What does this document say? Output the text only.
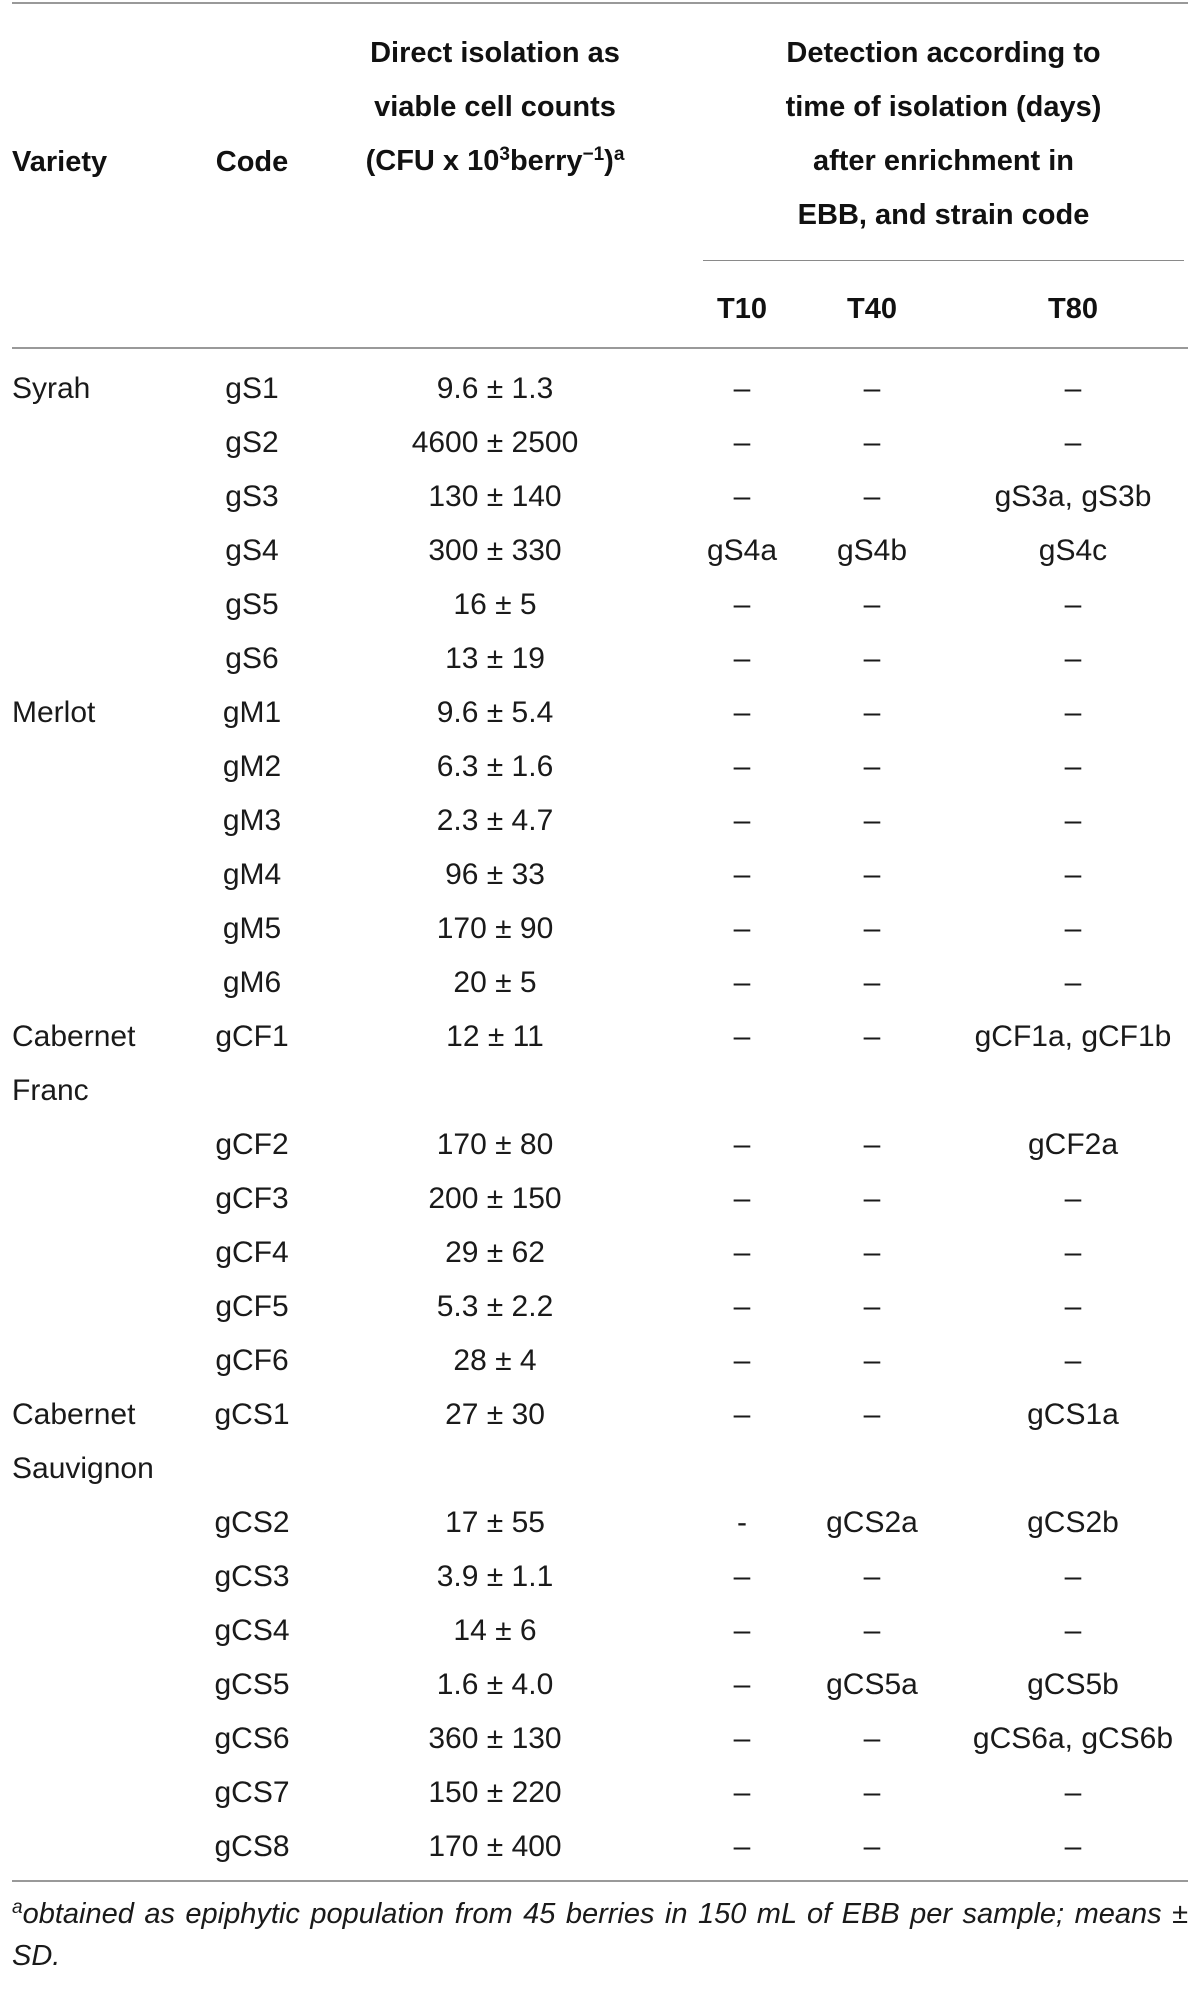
Variety	Code
Direct isolation as
viable cell counts
(CFU x $10^3berry^{-1})^a$
Detection according to
time of isolation (days)
after enrichment in
EBB, and strain code
T10	T40	T80
Syrah	gS1	9.6 ± 1.3	–	–	–
gS2	4600 ± 2500	–	–	–
gS3	130 ± 140	–	–	gS3a, gS3b
gS4	300 ± 330	gS4a	gS4b	gS4c
gS5	16 ± 5	–	–	–
gS6	13 ± 19	–	–	–
Merlot	gM1	9.6 ± 5.4	–	–	–
gM2	6.3 ± 1.6	–	–	–
gM3	2.3 ± 4.7	–	–	–
gM4	96 ± 33	–	–	–
gM5	170 ± 90	–	–	–
gM6	20 ± 5	–	–	–
Cabernet Franc
gCF1	12 ± 11	–	–	gCF1a, gCF1b
gCF2	170 ± 80	–	–	gCF2a
gCF3	200 ± 150	–	–	–
gCF4	29 ± 62	–	–	–
gCF5	5.3 ± 2.2	–	–	–
gCF6	28 ± 4	–	–	–
Cabernet Sauvignon
gCS1	27 ± 30	–	–	gCS1a
gCS2	17 ± 55	-	gCS2a	gCS2b
gCS3	3.9 ± 1.1	–	–	–
gCS4	14 ± 6	–	–	–
gCS5	1.6 ± 4.0	–	gCS5a	gCS5b
gCS6	360 ± 130	–	–	gCS6a, gCS6b
gCS7	150 ± 220	–	–	–
gCS8	170 ± 400	–	–	–
$^a$obtained as epiphytic population from 45 berries in 150 mL of EBB per sample; means ± SD.
